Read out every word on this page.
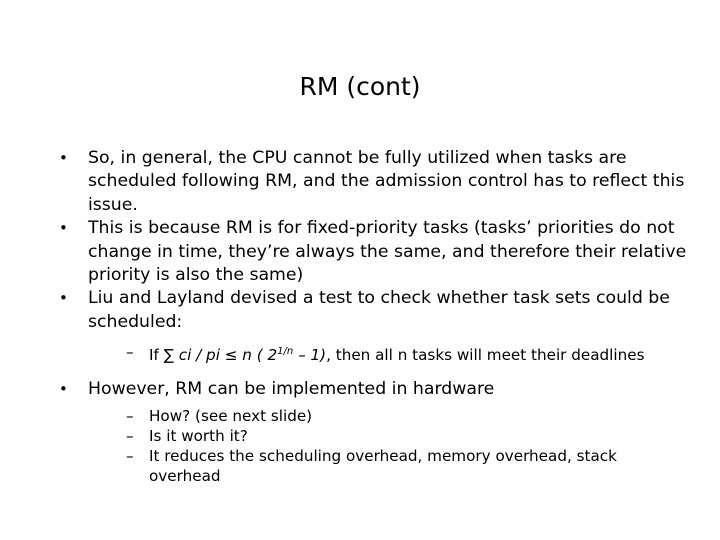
RM (cont)
• So, in general, the CPU cannot be fully utilized when tasks are scheduled following RM, and the admission control has to reflect this issue.
• This is because RM is for fixed-priority tasks (tasks’ priorities do not change in time, they’re always the same, and therefore their relative priority is also the same)
• Liu and Layland devised a test to check whether task sets could be scheduled:
– If ∑ ci / pi ≤ n ( $2^{1/n} - 1$), then all n tasks will meet their deadlines
• However, RM can be implemented in hardware
– How? (see next slide)
– Is it worth it?
– It reduces the scheduling overhead, memory overhead, stack overhead
